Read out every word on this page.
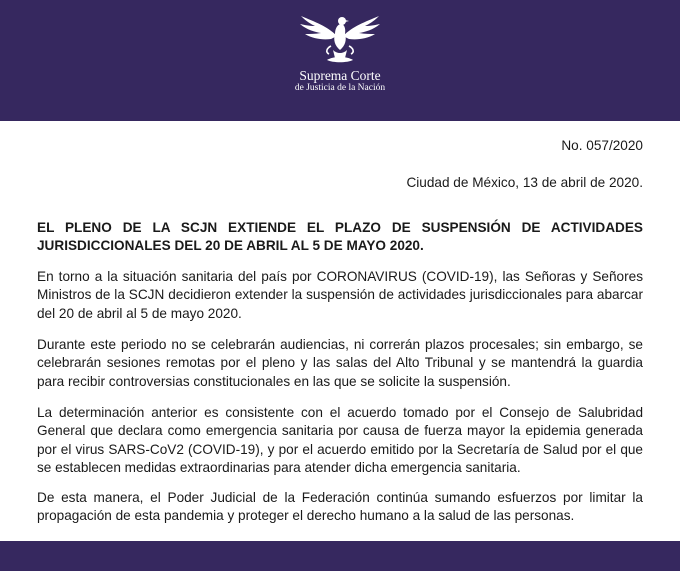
Suprema Corte
de Justicia de la Nación
No. 057/2020
Ciudad de México, 13 de abril de 2020.
EL PLENO DE LA SCJN EXTIENDE EL PLAZO DE SUSPENSIÓN DE ACTIVIDADES JURISDICCIONALES DEL 20 DE ABRIL AL 5 DE MAYO 2020.
En torno a la situación sanitaria del país por CORONAVIRUS (COVID-19), las Señoras y Señores Ministros de la SCJN decidieron extender la suspensión de actividades jurisdiccionales para abarcar del 20 de abril al 5 de mayo 2020.
Durante este periodo no se celebrarán audiencias, ni correrán plazos procesales; sin embargo, se celebrarán sesiones remotas por el pleno y las salas del Alto Tribunal y se mantendrá la guardia para recibir controversias constitucionales en las que se solicite la suspensión.
La determinación anterior es consistente con el acuerdo tomado por el Consejo de Salubridad General que declara como emergencia sanitaria por causa de fuerza mayor la epidemia generada por el virus SARS-CoV2 (COVID-19), y por el acuerdo emitido por la Secretaría de Salud por el que se establecen medidas extraordinarias para atender dicha emergencia sanitaria.
De esta manera, el Poder Judicial de la Federación continúa sumando esfuerzos por limitar la propagación de esta pandemia y proteger el derecho humano a la salud de las personas.
